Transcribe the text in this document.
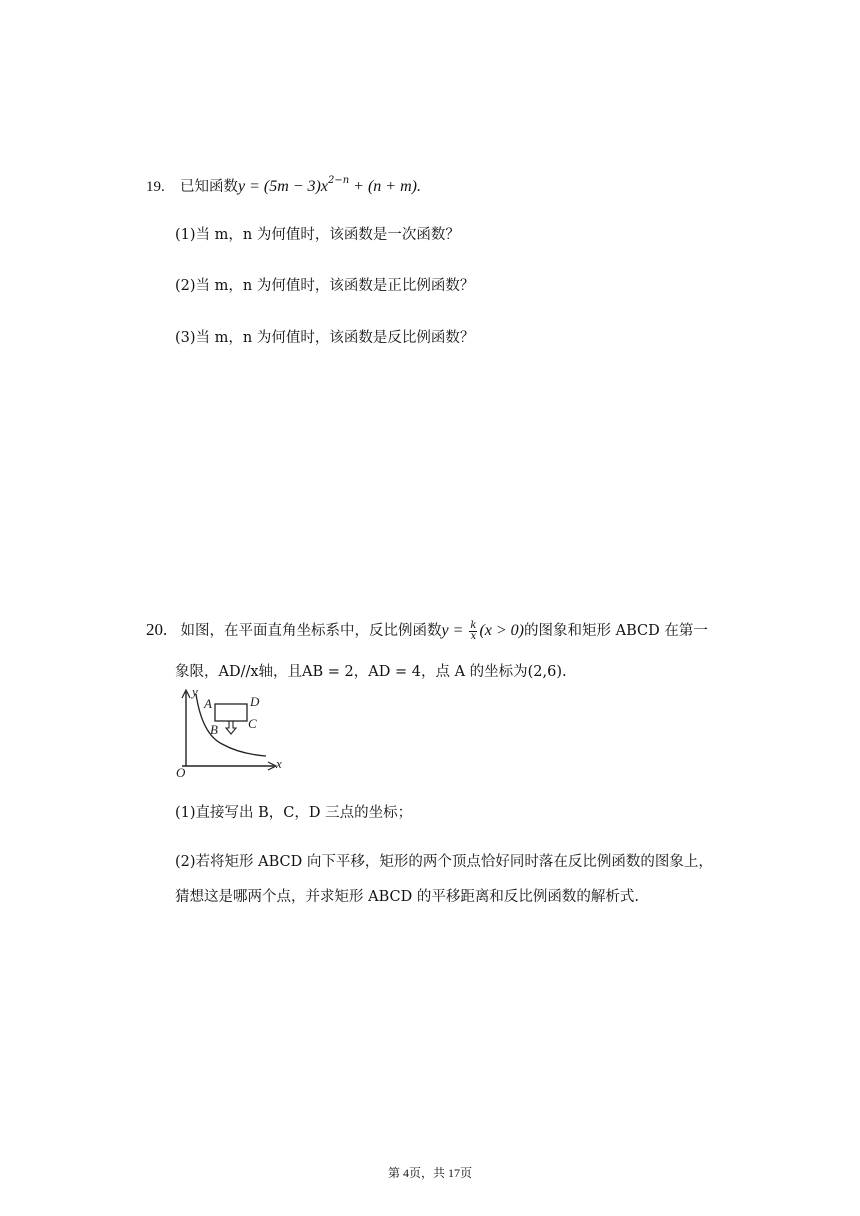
19. 已知函数$y = (5m - 3)x^{2-n} + (n + m)$.
(1)当 m，n 为何值时，该函数是一次函数？
(2)当 m，n 为何值时，该函数是正比例函数？
(3)当 m，n 为何值时，该函数是反比例函数？
20. 如图，在平面直角坐标系中，反比例函数$y = \frac{k}{x} (x > 0)$的图象和矩形 ABCD 在第一
象限，AD//x轴，且AB = 2，AD = 4，点 A 的坐标为(2,6).
y
A	D
B C
O
x
(1)直接写出 B，C，D 三点的坐标；
(2)若将矩形 ABCD 向下平移，矩形的两个顶点恰好同时落在反比例函数的图象上，
猜想这是哪两个点，并求矩形 ABCD 的平移距离和反比例函数的解析式.
第 4页，共 17页
